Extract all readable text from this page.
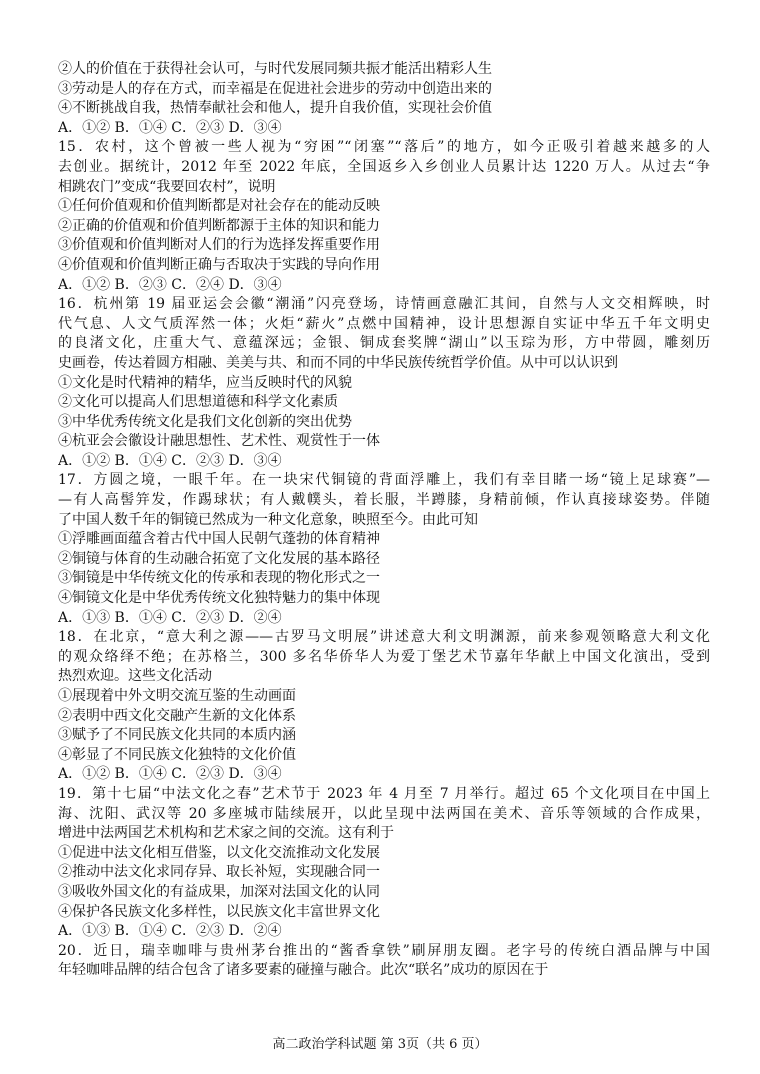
②人的价值在于获得社会认可，与时代发展同频共振才能活出精彩人生
③劳动是人的存在方式，而幸福是在促进社会进步的劳动中创造出来的
④不断挑战自我，热情奉献社会和他人，提升自我价值，实现社会价值
A．①② B．①④ C．②③ D．③④
15．农村，这个曾被一些人视为“穷困”“闭塞”“落后”的地方，如今正吸引着越来越多的人
去创业。据统计，2012 年至 2022 年底，全国返乡入乡创业人员累计达 1220 万人。从过去“争
相跳农门”变成“我要回农村”，说明
①任何价值观和价值判断都是对社会存在的能动反映
②正确的价值观和价值判断都源于主体的知识和能力
③价值观和价值判断对人们的行为选择发挥重要作用
④价值观和价值判断正确与否取决于实践的导向作用
A．①② B．②③ C．②④ D．③④
16．杭州第 19 届亚运会会徽“潮涌”闪亮登场，诗情画意融汇其间，自然与人文交相辉映，时
代气息、人文气质浑然一体；火炬“薪火”点燃中国精神，设计思想源自实证中华五千年文明史
的良渚文化，庄重大气、意蕴深远；金银、铜成套奖牌“湖山”以玉琮为形，方中带圆，雕刻历
史画卷，传达着圆方相融、美美与共、和而不同的中华民族传统哲学价值。从中可以认识到
①文化是时代精神的精华，应当反映时代的风貌
②文化可以提高人们思想道德和科学文化素质
③中华优秀传统文化是我们文化创新的突出优势
④杭亚会会徽设计融思想性、艺术性、观赏性于一体
A．①② B．①④ C．②③ D．③④
17．方圆之境，一眼千年。在一块宋代铜镜的背面浮雕上，我们有幸目睹一场“镜上足球赛”—
—有人高髻笄发，作踢球状；有人戴幞头，着长服，半蹲膝，身精前倾，作认真接球姿势。伴随
了中国人数千年的铜镜已然成为一种文化意象，映照至今。由此可知
①浮雕画面蕴含着古代中国人民朝气蓬勃的体育精神
②铜镜与体育的生动融合拓宽了文化发展的基本路径
③铜镜是中华传统文化的传承和表现的物化形式之一
④铜镜文化是中华优秀传统文化独特魅力的集中体现
A．①③ B．①④ C．②③ D．②④
18．在北京，“意大利之源——古罗马文明展”讲述意大利文明渊源，前来参观领略意大利文化
的观众络绎不绝；在苏格兰，300 多名华侨华人为爱丁堡艺术节嘉年华献上中国文化演出，受到
热烈欢迎。这些文化活动
①展现着中外文明交流互鉴的生动画面
②表明中西文化交融产生新的文化体系
③赋予了不同民族文化共同的本质内涵
④彰显了不同民族文化独特的文化价值
A．①② B．①④ C．②③ D．③④
19．第十七届“中法文化之春”艺术节于 2023 年 4 月至 7 月举行。超过 65 个文化项目在中国上
海、沈阳、武汉等 20 多座城市陆续展开，以此呈现中法两国在美术、音乐等领域的合作成果，
增进中法两国艺术机构和艺术家之间的交流。这有利于
①促进中法文化相互借鉴，以文化交流推动文化发展
②推动中法文化求同存异、取长补短，实现融合同一
③吸收外国文化的有益成果，加深对法国文化的认同
④保护各民族文化多样性，以民族文化丰富世界文化
A．①③ B．①④ C．②③ D．②④
20．近日，瑞幸咖啡与贵州茅台推出的“酱香拿铁”刷屏朋友圈。老字号的传统白酒品牌与中国
年轻咖啡品牌的结合包含了诸多要素的碰撞与融合。此次“联名”成功的原因在于
高二政治学科试题 第 3页（共 6 页）
